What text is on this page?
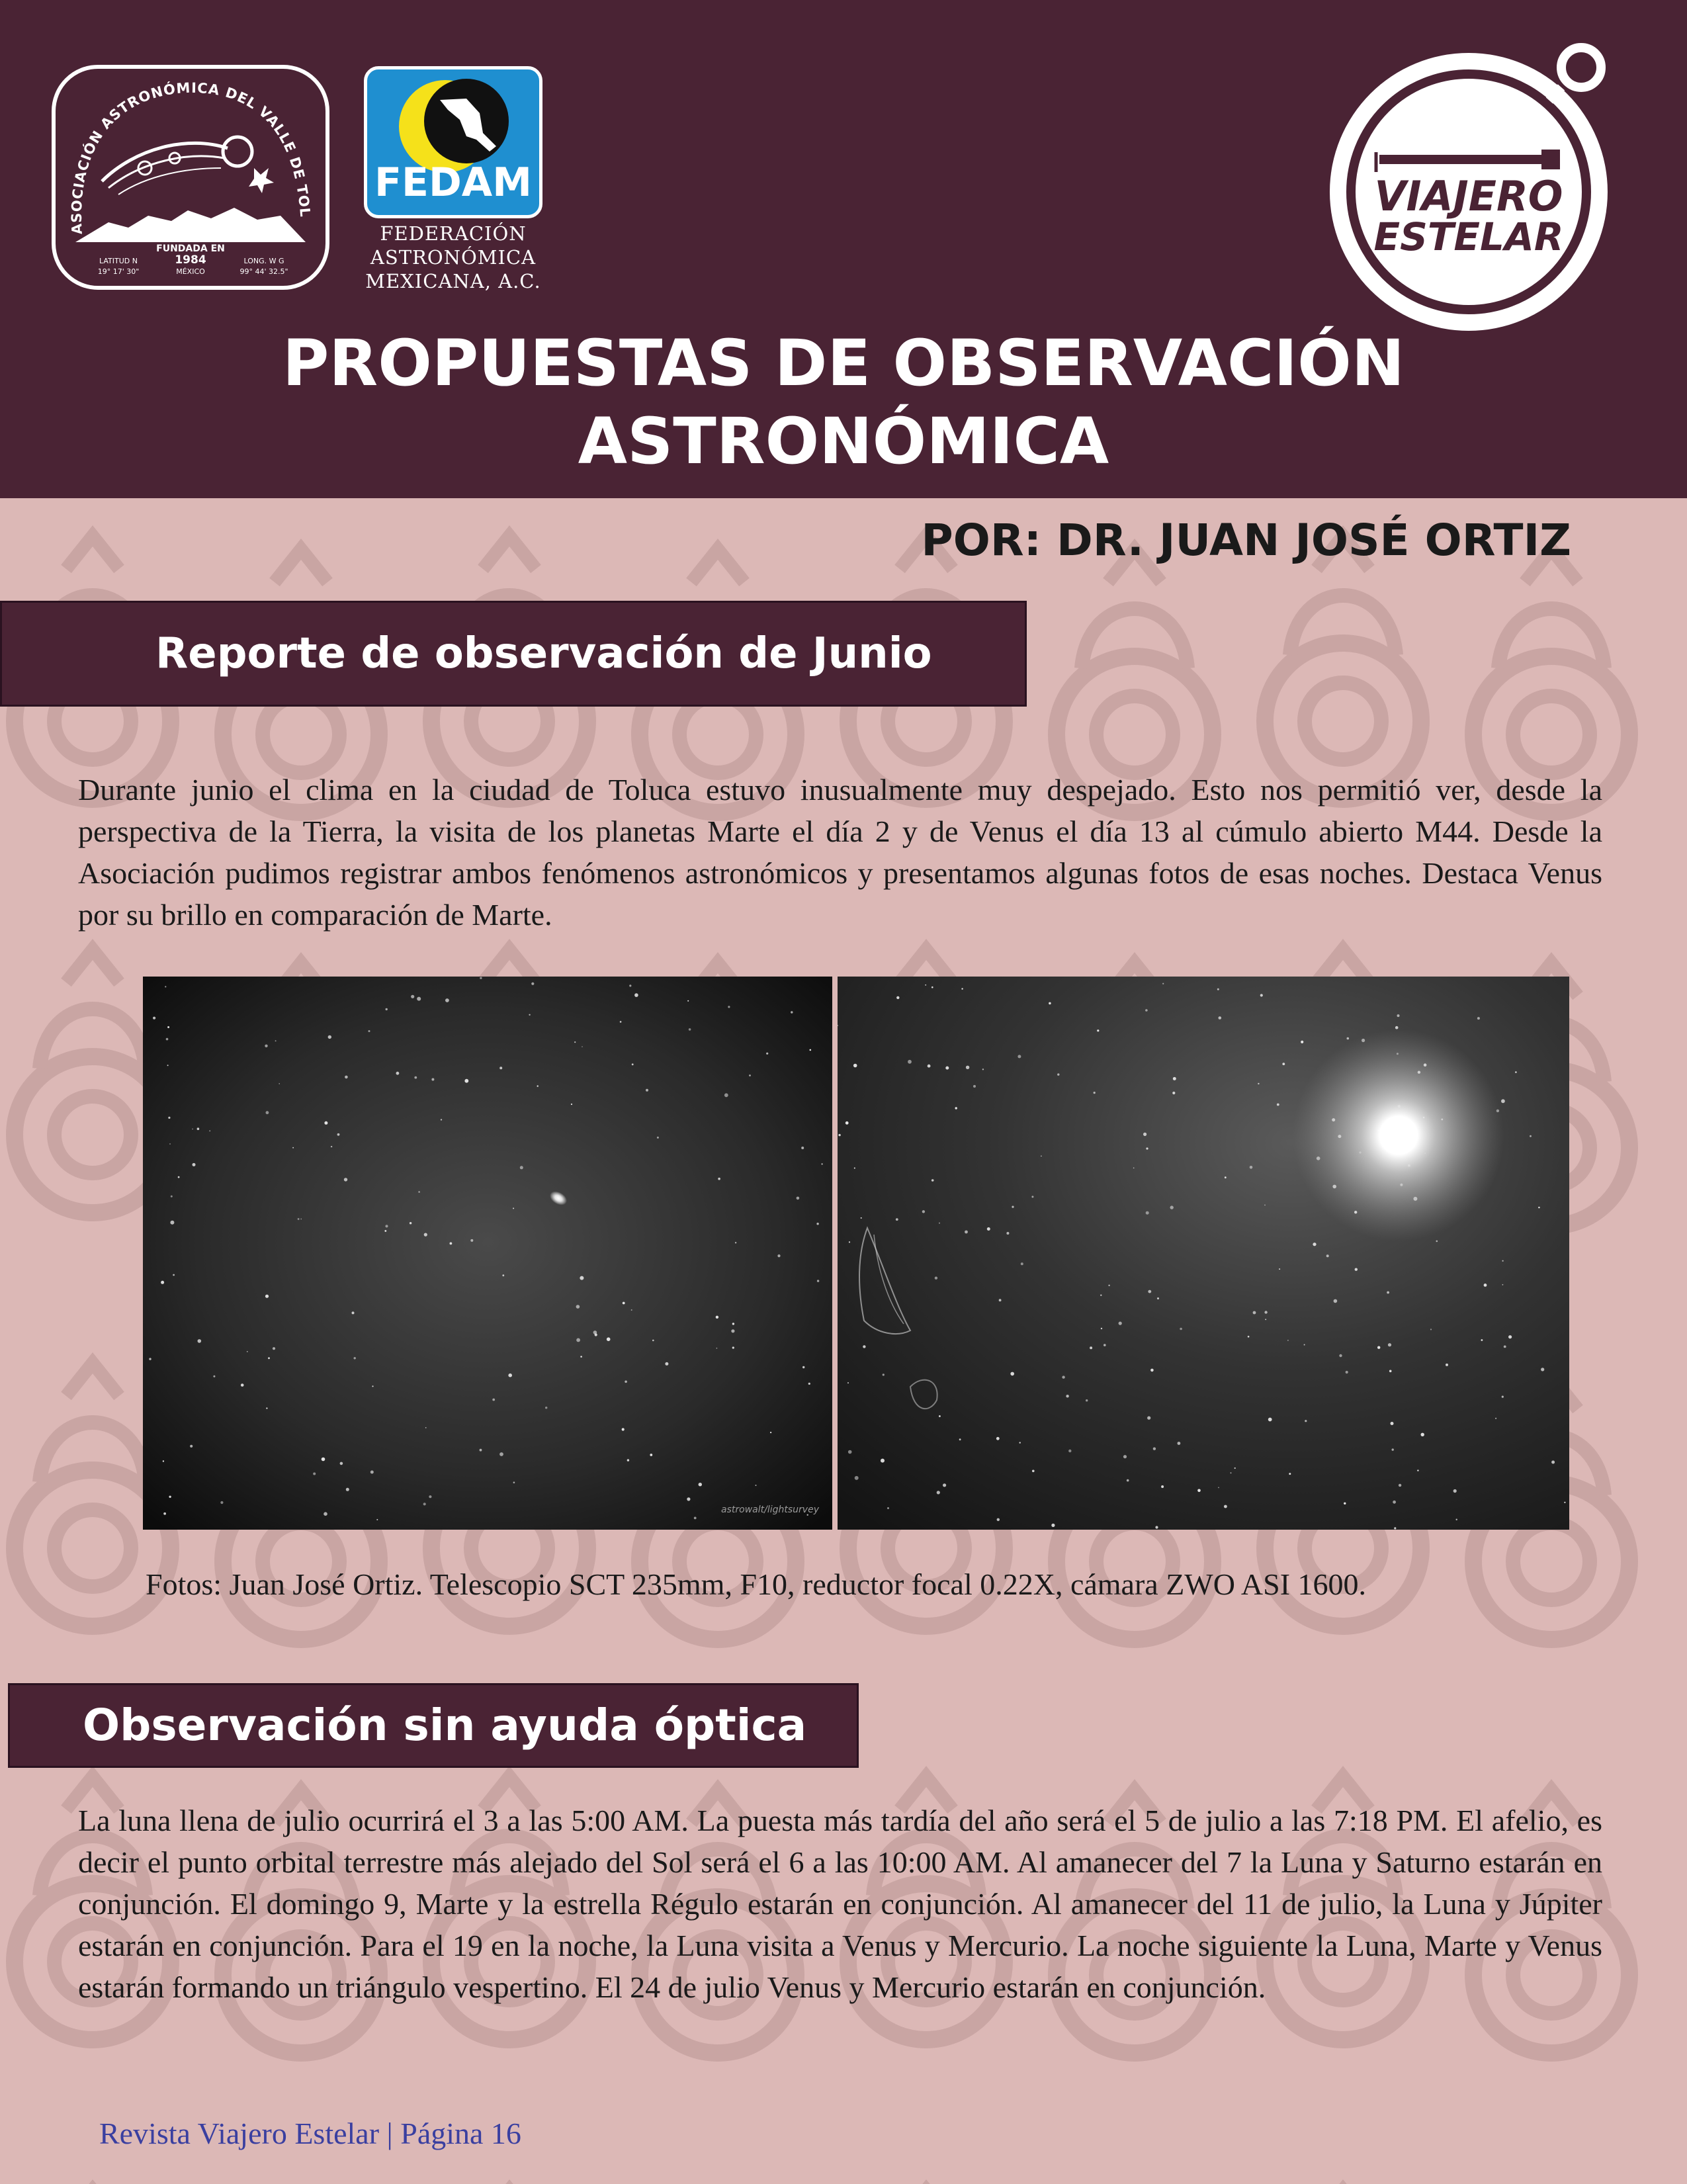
ASOCIACIÓN ASTRONÓMICA DEL VALLE DE TOL
FUNDADA EN
1984
MÉXICO
LATITUD N
19° 17' 30"
LONG. W G
99° 44' 32.5"
FEDAM
FEDERACIÓN
ASTRONÓMICA
MEXICANA, A.C.
VIAJERO
ESTELAR
PROPUESTAS DE OBSERVACIÓN
ASTRONÓMICA
POR: DR. JUAN JOSÉ ORTIZ
Reporte de observación de Junio
Durante junio el clima en la ciudad de Toluca estuvo inusualmente muy despejado. Esto nos permitió ver, desde la perspectiva de la Tierra, la visita de los planetas Marte el día 2 y de Venus el día 13 al cúmulo abierto M44. Desde la Asociación pudimos registrar ambos fenómenos astronómicos y presentamos algunas fotos de esas noches. Destaca Venus por su brillo en comparación de Marte.
astrowalt/lightsurvey
Fotos: Juan José Ortiz. Telescopio SCT 235mm, F10, reductor focal 0.22X, cámara ZWO ASI 1600.
Observación sin ayuda óptica
La luna llena de julio ocurrirá el 3 a las 5:00 AM. La puesta más tardía del año será el 5 de julio a las 7:18 PM. El afelio, es decir el punto orbital terrestre más alejado del Sol será el 6 a las 10:00 AM. Al amanecer del 7 la Luna y Saturno estarán en conjunción. El domingo 9, Marte y la estrella Régulo estarán en conjunción. Al amanecer del 11 de julio, la Luna y Júpiter estarán en conjunción. Para el 19 en la noche, la Luna visita a Venus y Mercurio. La noche siguiente la Luna, Marte y Venus estarán formando un triángulo vespertino. El 24 de julio Venus y Mercurio estarán en conjunción.
Revista Viajero Estelar | Página 16
